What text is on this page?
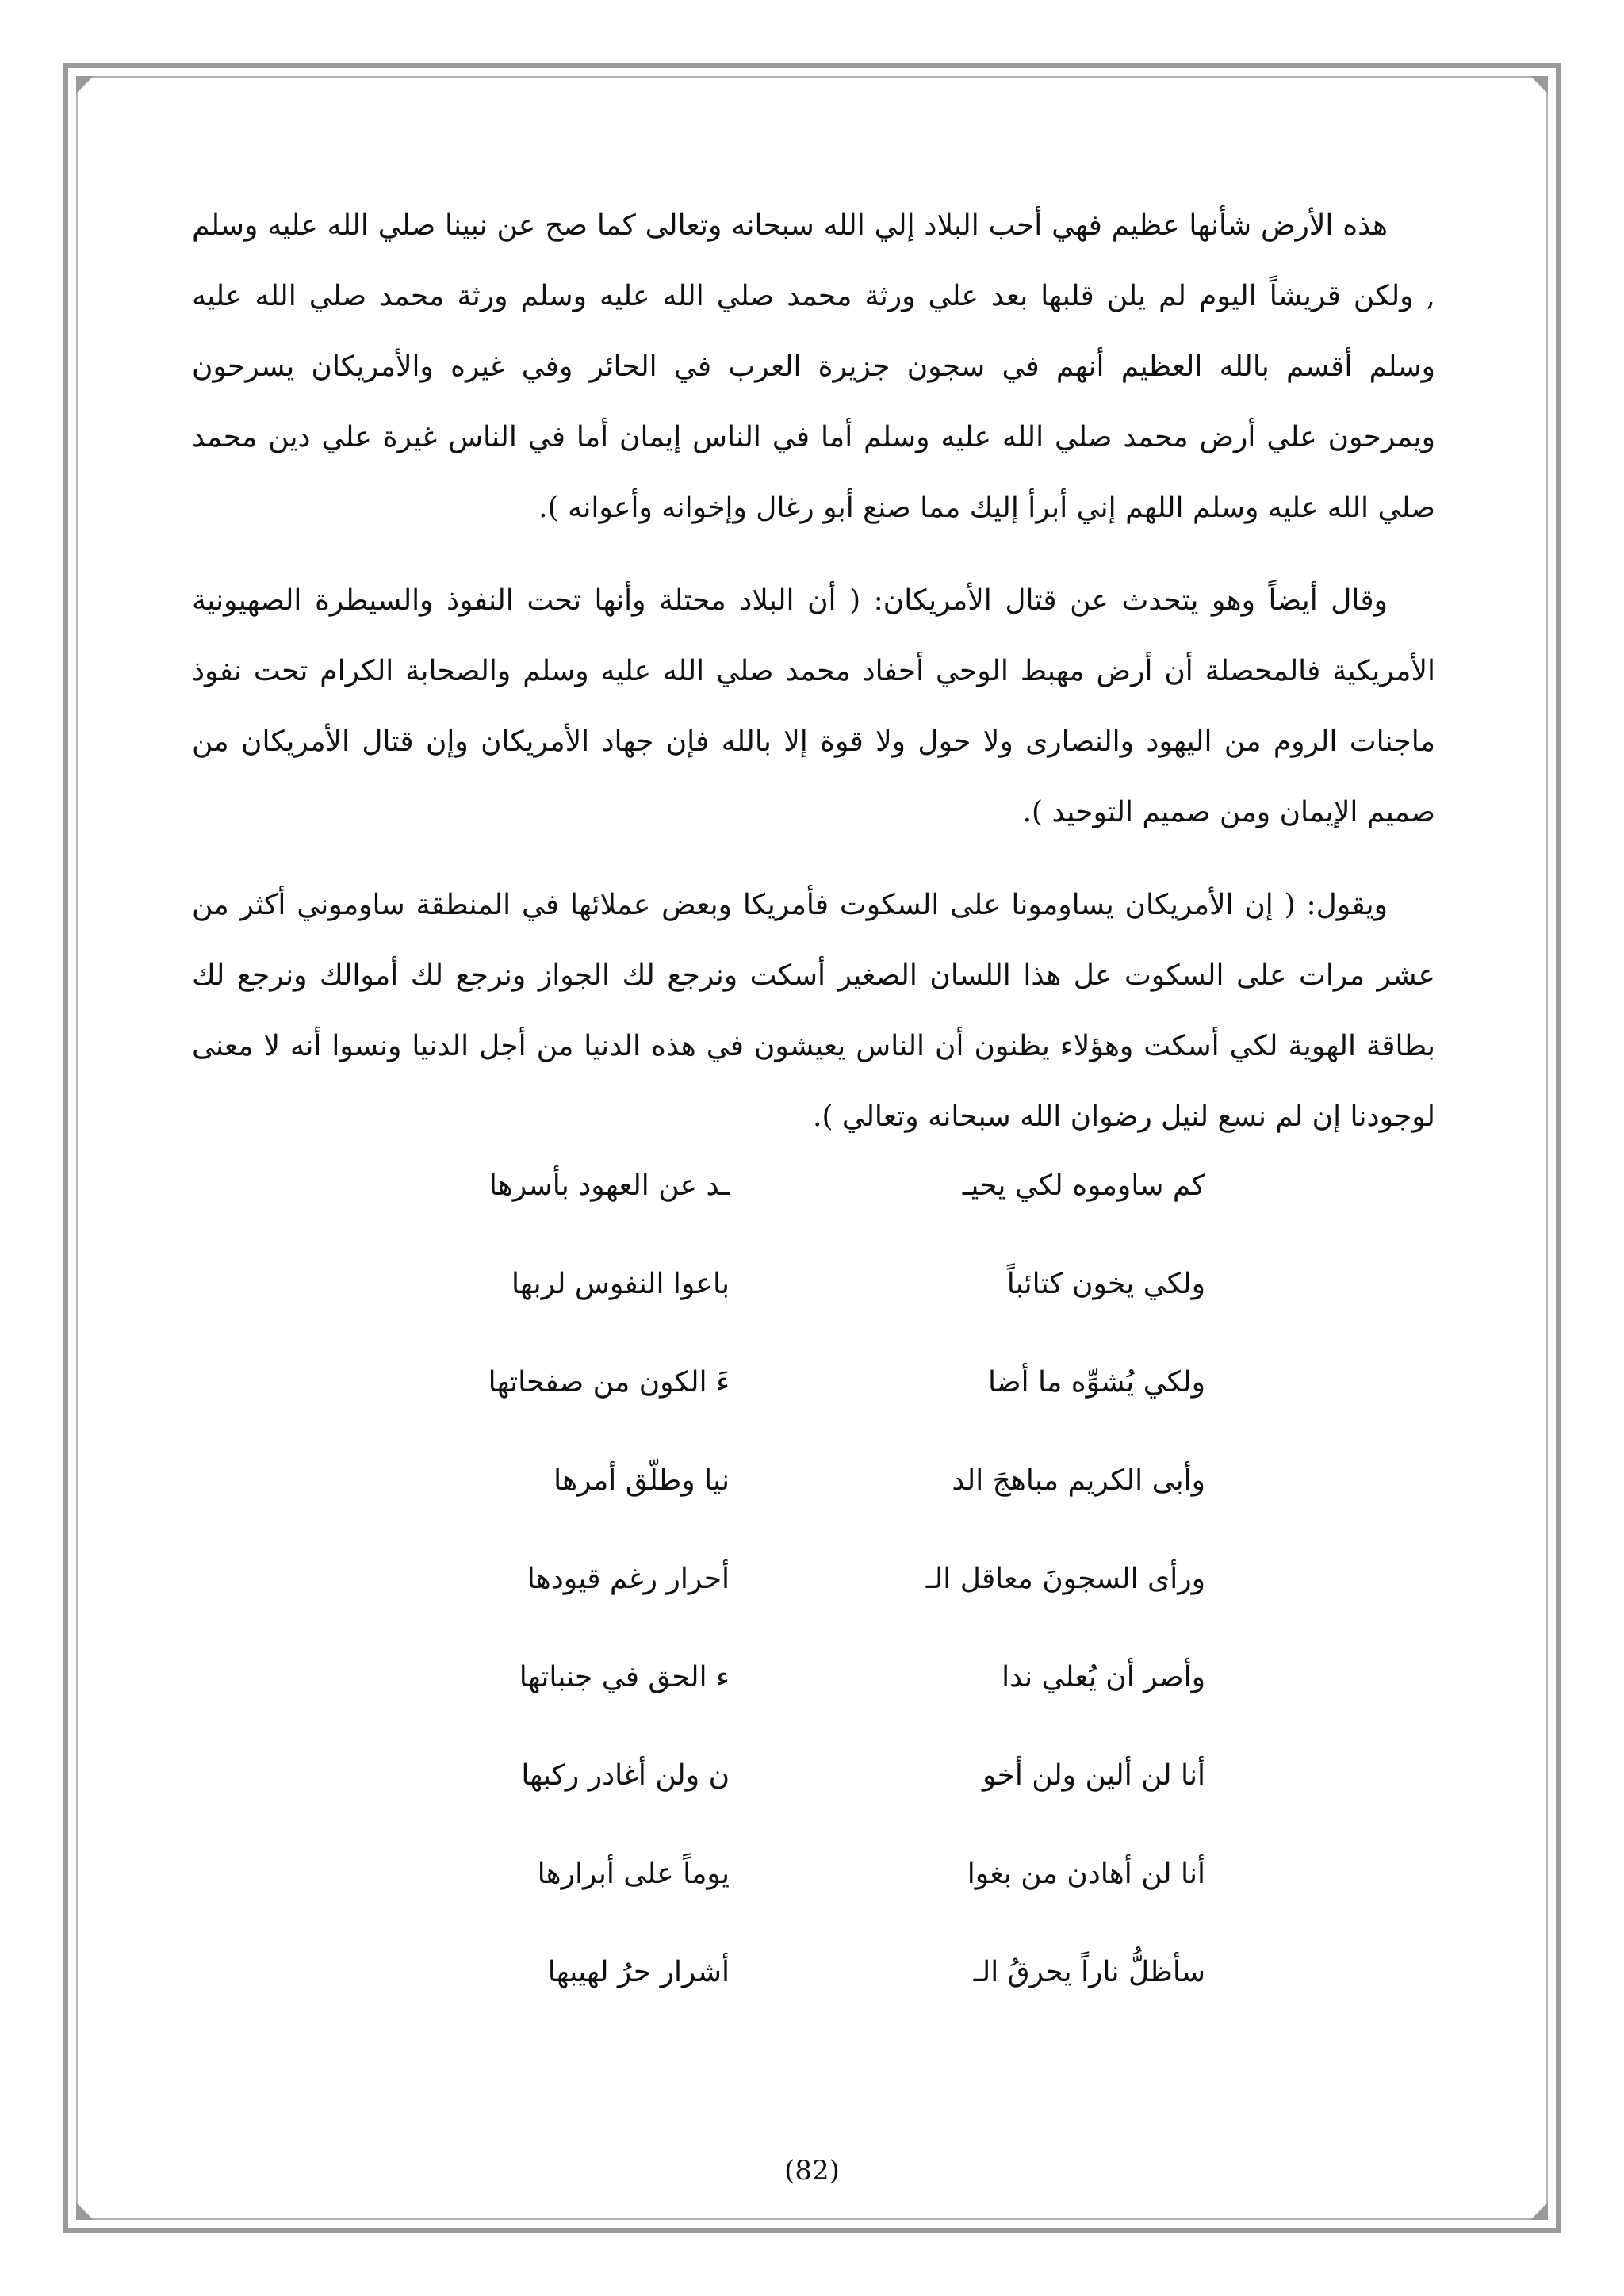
هذه الأرض شأنها عظيم فهي أحب البلاد إلي الله سبحانه وتعالى كما صح عن نبينا صلي الله عليه وسلم , ولكن قريشاً اليوم لم يلن قلبها بعد علي ورثة محمد صلي الله عليه وسلم ورثة محمد صلي الله عليه وسلم أقسم بالله العظيم أنهم في سجون جزيرة العرب في الحائر وفي غيره والأمريكان يسرحون ويمرحون علي أرض محمد صلي الله عليه وسلم أما في الناس إيمان أما في الناس غيرة علي دين محمد صلي الله عليه وسلم اللهم إني أبرأ إليك مما صنع أبو رغال وإخوانه وأعوانه ).

وقال أيضاً وهو يتحدث عن قتال الأمريكان: ( أن البلاد محتلة وأنها تحت النفوذ والسيطرة الصهيونية الأمريكية فالمحصلة أن أرض مهبط الوحي أحفاد محمد صلي الله عليه وسلم والصحابة الكرام تحت نفوذ ماجنات الروم من اليهود والنصارى ولا حول ولا قوة إلا بالله فإن جهاد الأمريكان وإن قتال الأمريكان من صميم الإيمان ومن صميم التوحيد ).

ويقول: ( إن الأمريكان يساومونا على السكوت فأمريكا وبعض عملائها في المنطقة ساوموني أكثر من عشر مرات على السكوت عل هذا اللسان الصغير أسكت ونرجع لك الجواز ونرجع لك أموالك ونرجع لك بطاقة الهوية لكي أسكت وهؤلاء يظنون أن الناس يعيشون في هذه الدنيا من أجل الدنيا ونسوا أنه لا معنى لوجودنا إن لم نسع لنيل رضوان الله سبحانه وتعالي ).

كم ساوموه لكي يحيـ
ـد عن العهود بأسرها
ولكي يخون كتائباً
باعوا النفوس لربها
ولكي يُشوِّه ما أضا
ءَ الكون من صفحاتها
وأبى الكريم مباهجَ الد
نيا وطلّق أمرها
ورأى السجونَ معاقل الـ
أحرار رغم قيودها
وأصر أن يُعلي ندا
ء الحق في جنباتها
أنا لن ألين ولن أخو
ن ولن أغادر ركبها
أنا لن أهادن من بغوا
يوماً على أبرارها
سأظلُّ ناراً يحرقُ الـ
أشرار حرُ لهيبها
(82)
